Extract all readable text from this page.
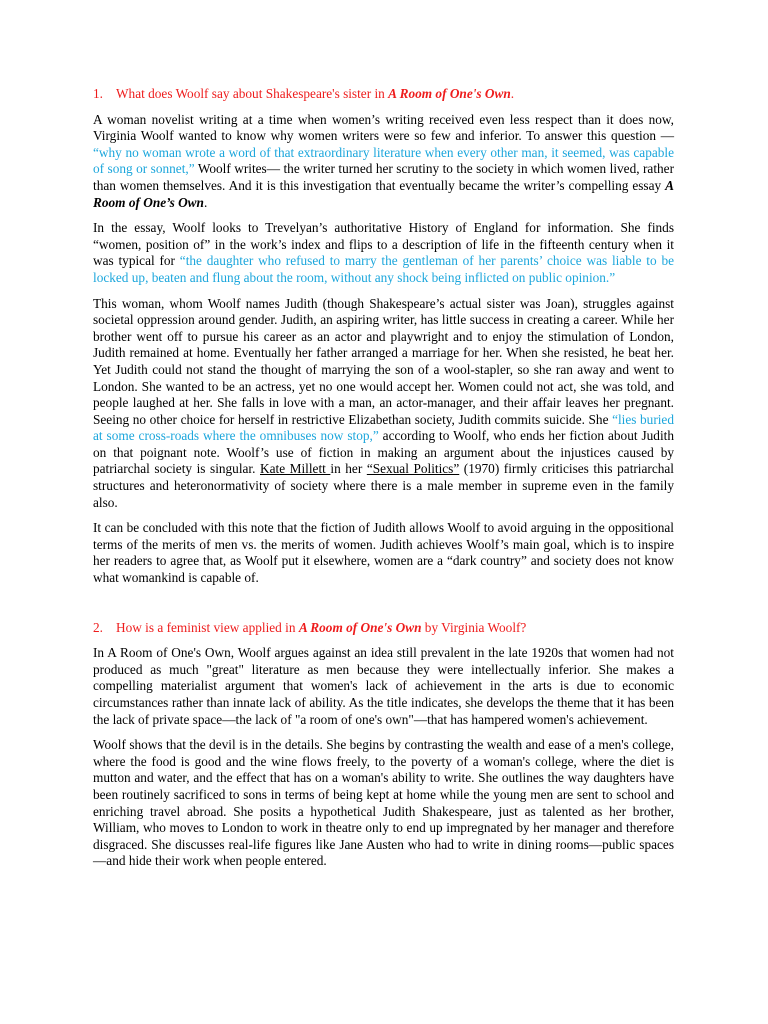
1. What does Woolf say about Shakespeare's sister in A Room of One's Own.

A woman novelist writing at a time when women’s writing received even less respect than it does now, Virginia Woolf wanted to know why women writers were so few and inferior. To answer this question — “why no woman wrote a word of that extraordinary literature when every other man, it seemed, was capable of song or sonnet,” Woolf writes— the writer turned her scrutiny to the society in which women lived, rather than women themselves. And it is this investigation that eventually became the writer’s compelling essay A Room of One’s Own.

In the essay, Woolf looks to Trevelyan’s authoritative History of England for information. She finds “women, position of” in the work’s index and flips to a description of life in the fifteenth century when it was typical for “the daughter who refused to marry the gentleman of her parents’ choice was liable to be locked up, beaten and flung about the room, without any shock being inflicted on public opinion.”

This woman, whom Woolf names Judith (though Shakespeare’s actual sister was Joan), struggles against societal oppression around gender. Judith, an aspiring writer, has little success in creating a career. While her brother went off to pursue his career as an actor and playwright and to enjoy the stimulation of London, Judith remained at home. Eventually her father arranged a marriage for her. When she resisted, he beat her. Yet Judith could not stand the thought of marrying the son of a wool-stapler, so she ran away and went to London. She wanted to be an actress, yet no one would accept her. Women could not act, she was told, and people laughed at her. She falls in love with a man, an actor-manager, and their affair leaves her pregnant. Seeing no other choice for herself in restrictive Elizabethan society, Judith commits suicide. She “lies buried at some cross-roads where the omnibuses now stop,” according to Woolf, who ends her fiction about Judith on that poignant note. Woolf’s use of fiction in making an argument about the injustices caused by patriarchal society is singular. Kate Millett in her “Sexual Politics” (1970) firmly criticises this patriarchal structures and heteronormativity of society where there is a male member in supreme even in the family also.

It can be concluded with this note that the fiction of Judith allows Woolf to avoid arguing in the oppositional terms of the merits of men vs. the merits of women. Judith achieves Woolf’s main goal, which is to inspire her readers to agree that, as Woolf put it elsewhere, women are a “dark country” and society does not know what womankind is capable of.

2. How is a feminist view applied in A Room of One's Own by Virginia Woolf?

In A Room of One's Own, Woolf argues against an idea still prevalent in the late 1920s that women had not produced as much "great" literature as men because they were intellectually inferior. She makes a compelling materialist argument that women's lack of achievement in the arts is due to economic circumstances rather than innate lack of ability. As the title indicates, she develops the theme that it has been the lack of private space—the lack of "a room of one's own"—that has hampered women's achievement.

Woolf shows that the devil is in the details. She begins by contrasting the wealth and ease of a men's college, where the food is good and the wine flows freely, to the poverty of a woman's college, where the diet is mutton and water, and the effect that has on a woman's ability to write. She outlines the way daughters have been routinely sacrificed to sons in terms of being kept at home while the young men are sent to school and enriching travel abroad. She posits a hypothetical Judith Shakespeare, just as talented as her brother, William, who moves to London to work in theatre only to end up impregnated by her manager and therefore disgraced. She discusses real-life figures like Jane Austen who had to write in dining rooms—public spaces—and hide their work when people entered.
